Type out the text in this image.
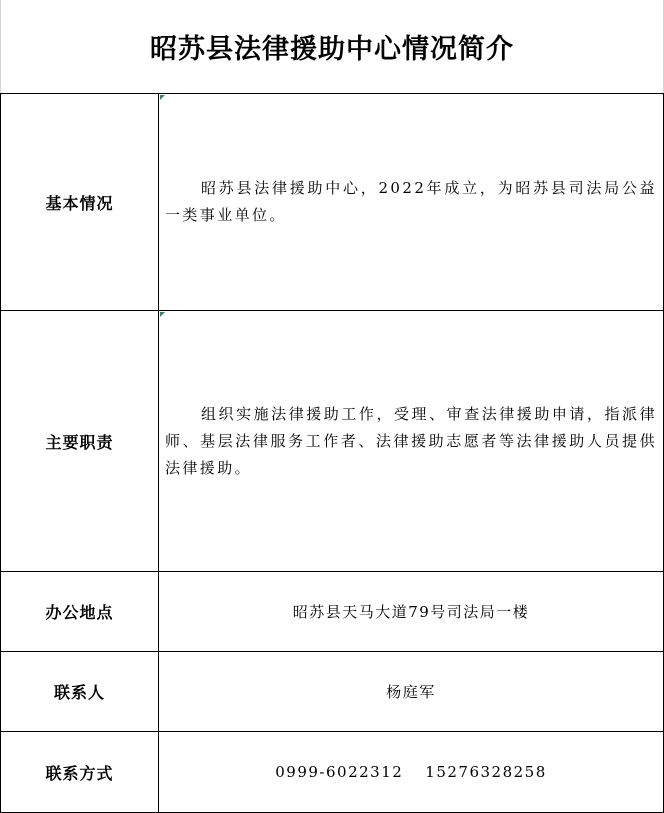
昭苏县法律援助中心情况简介
基本情况	昭苏县法律援助中心，2022年成立，为昭苏县司法局公益一类事业单位。

主要职责	组织实施法律援助工作，受理、审查法律援助申请，指派律师、基层法律服务工作者、法律援助志愿者等法律援助人员提供法律援助。

办公地点	昭苏县天马大道79号司法局一楼
联系人	杨庭军
联系方式	0999-6022312 15276328258
